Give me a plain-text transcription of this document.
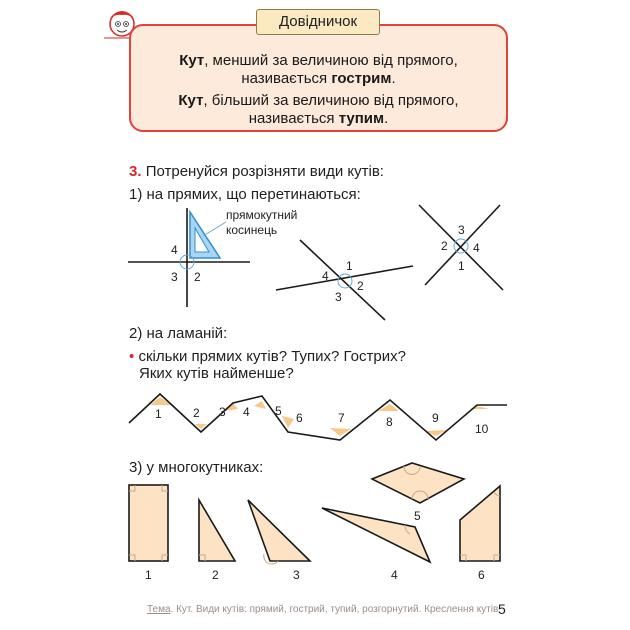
Довідничок
Кут, менший за величиною від прямого,
називається гострим.
Кут, більший за величиною від прямого,
називається тупим.
3. Потренуйся розрізняти види кутів:
1) на прямих, що перетинаються:
2) на ламаній:
• скільки прямих кутів? Тупих? Гострих?
Яких кутів найменше?
3) у многокутниках:
прямокутний
косинець
4
3 2
1
4
2
3
3
2 4
1
1	2 3 4 5 6	7	8	9
10
1	2	3	4
5
6
Тема. Кут. Види кутів: прямий, гострий, тупий, розгорнутий. Креслення кутів 5
